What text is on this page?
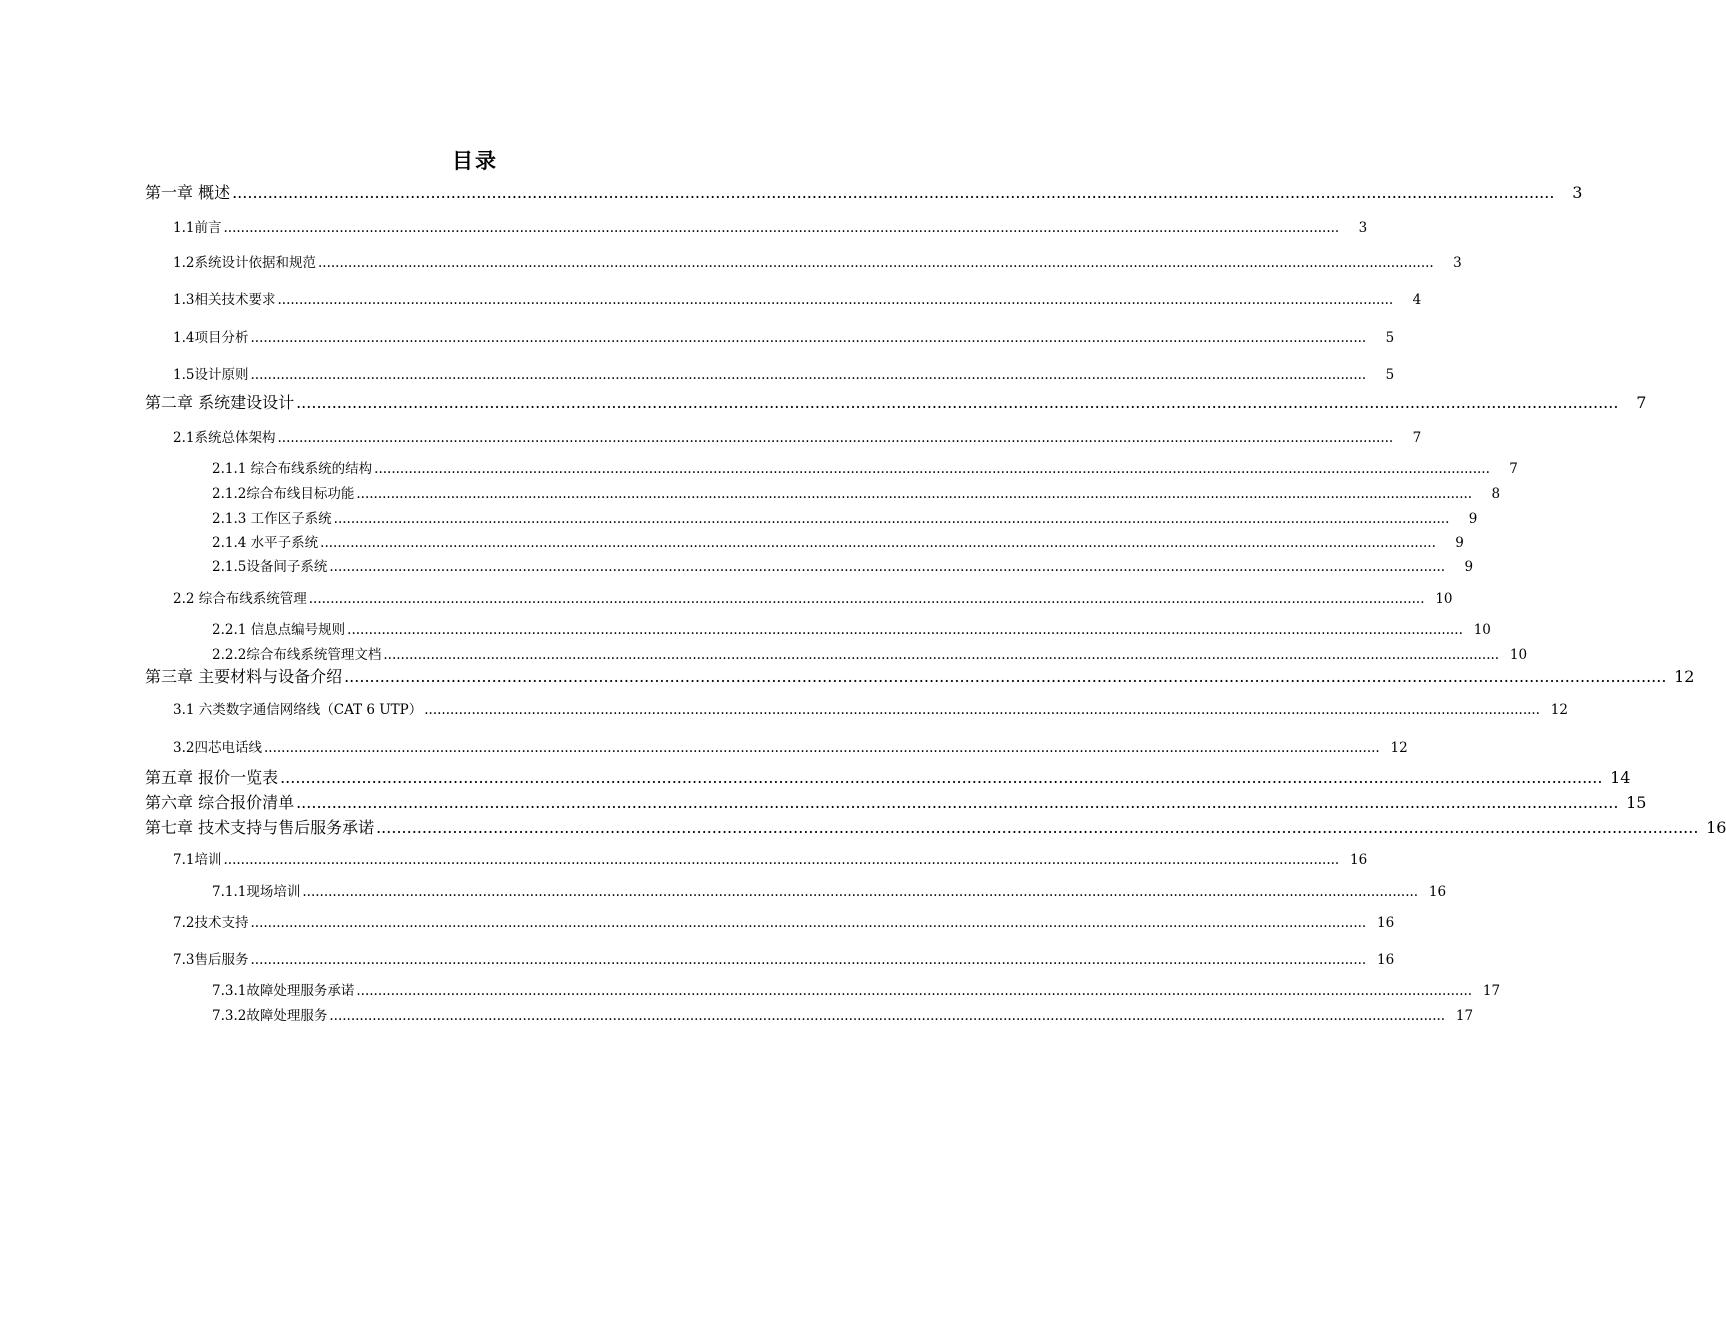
目录
第一章 概述 ....................................................................................................................................................................................................................................................................	3
1.1前言 ....................................................................................................................................................................................................................................................................	3
1.2系统设计依据和规范 ....................................................................................................................................................................................................................................................................	3
1.3相关技术要求 ....................................................................................................................................................................................................................................................................	4
1.4项目分析 ....................................................................................................................................................................................................................................................................	5
1.5设计原则 ....................................................................................................................................................................................................................................................................	5
第二章 系统建设设计 ....................................................................................................................................................................................................................................................................	7
2.1系统总体架构 ....................................................................................................................................................................................................................................................................	7
2.1.1 综合布线系统的结构 ....................................................................................................................................................................................................................................................................	7
2.1.2综合布线目标功能 ....................................................................................................................................................................................................................................................................	8
2.1.3 工作区子系统 ....................................................................................................................................................................................................................................................................	9
2.1.4 水平子系统 ....................................................................................................................................................................................................................................................................	9
2.1.5设备间子系统 ....................................................................................................................................................................................................................................................................	9
2.2 综合布线系统管理 .................................................................................................................................................................................................................................................................... 10
2.2.1 信息点编号规则 .................................................................................................................................................................................................................................................................... 10
2.2.2综合布线系统管理文档 .................................................................................................................................................................................................................................................................... 10
第三章 主要材料与设备介绍 .................................................................................................................................................................................................................................................................... 12
3.1 六类数字通信网络线（CAT 6 UTP） .................................................................................................................................................................................................................................................................... 12
3.2四芯电话线 .................................................................................................................................................................................................................................................................... 12
第五章 报价一览表 .................................................................................................................................................................................................................................................................... 14
第六章 综合报价清单 .................................................................................................................................................................................................................................................................... 15
第七章 技术支持与售后服务承诺 .................................................................................................................................................................................................................................................................... 16
7.1培训 .................................................................................................................................................................................................................................................................... 16
7.1.1现场培训 .................................................................................................................................................................................................................................................................... 16
7.2技术支持 .................................................................................................................................................................................................................................................................... 16
7.3售后服务 .................................................................................................................................................................................................................................................................... 16
7.3.1故障处理服务承诺 .................................................................................................................................................................................................................................................................... 17
7.3.2故障处理服务 .................................................................................................................................................................................................................................................................... 17
